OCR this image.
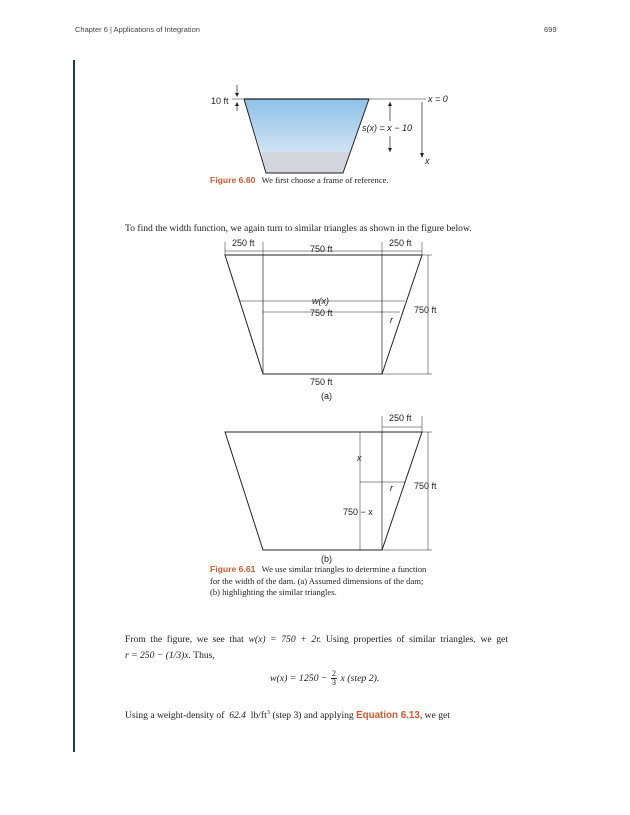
Chapter 6 | Applications of Integration	699
10 ft	x = 0
s(x) = x − 10
x
Figure 6.60 We first choose a frame of reference.
To find the width function, we again turn to similar triangles as shown in the figure below.
250 ft
750 ft
250 ft
w(x)
750 ft
r
750 ft
750 ft
(a)
250 ft
x
r
750 − x
750 ft
(b)
Figure 6.61 We use similar triangles to determine a function
for the width of the dam. (a) Assumed dimensions of the dam;
(b) highlighting the similar triangles.
From the figure, we see that w(x) = 750 + 2r. Using properties of similar triangles, we get
r = 250 − (1/3)x. Thus,
$w(x) = 1250 - \frac{2}{3}$ x (step 2).
Using a weight-density of 62.4 $lb/ft^3$ (step 3) and applying Equation 6.13, we get
